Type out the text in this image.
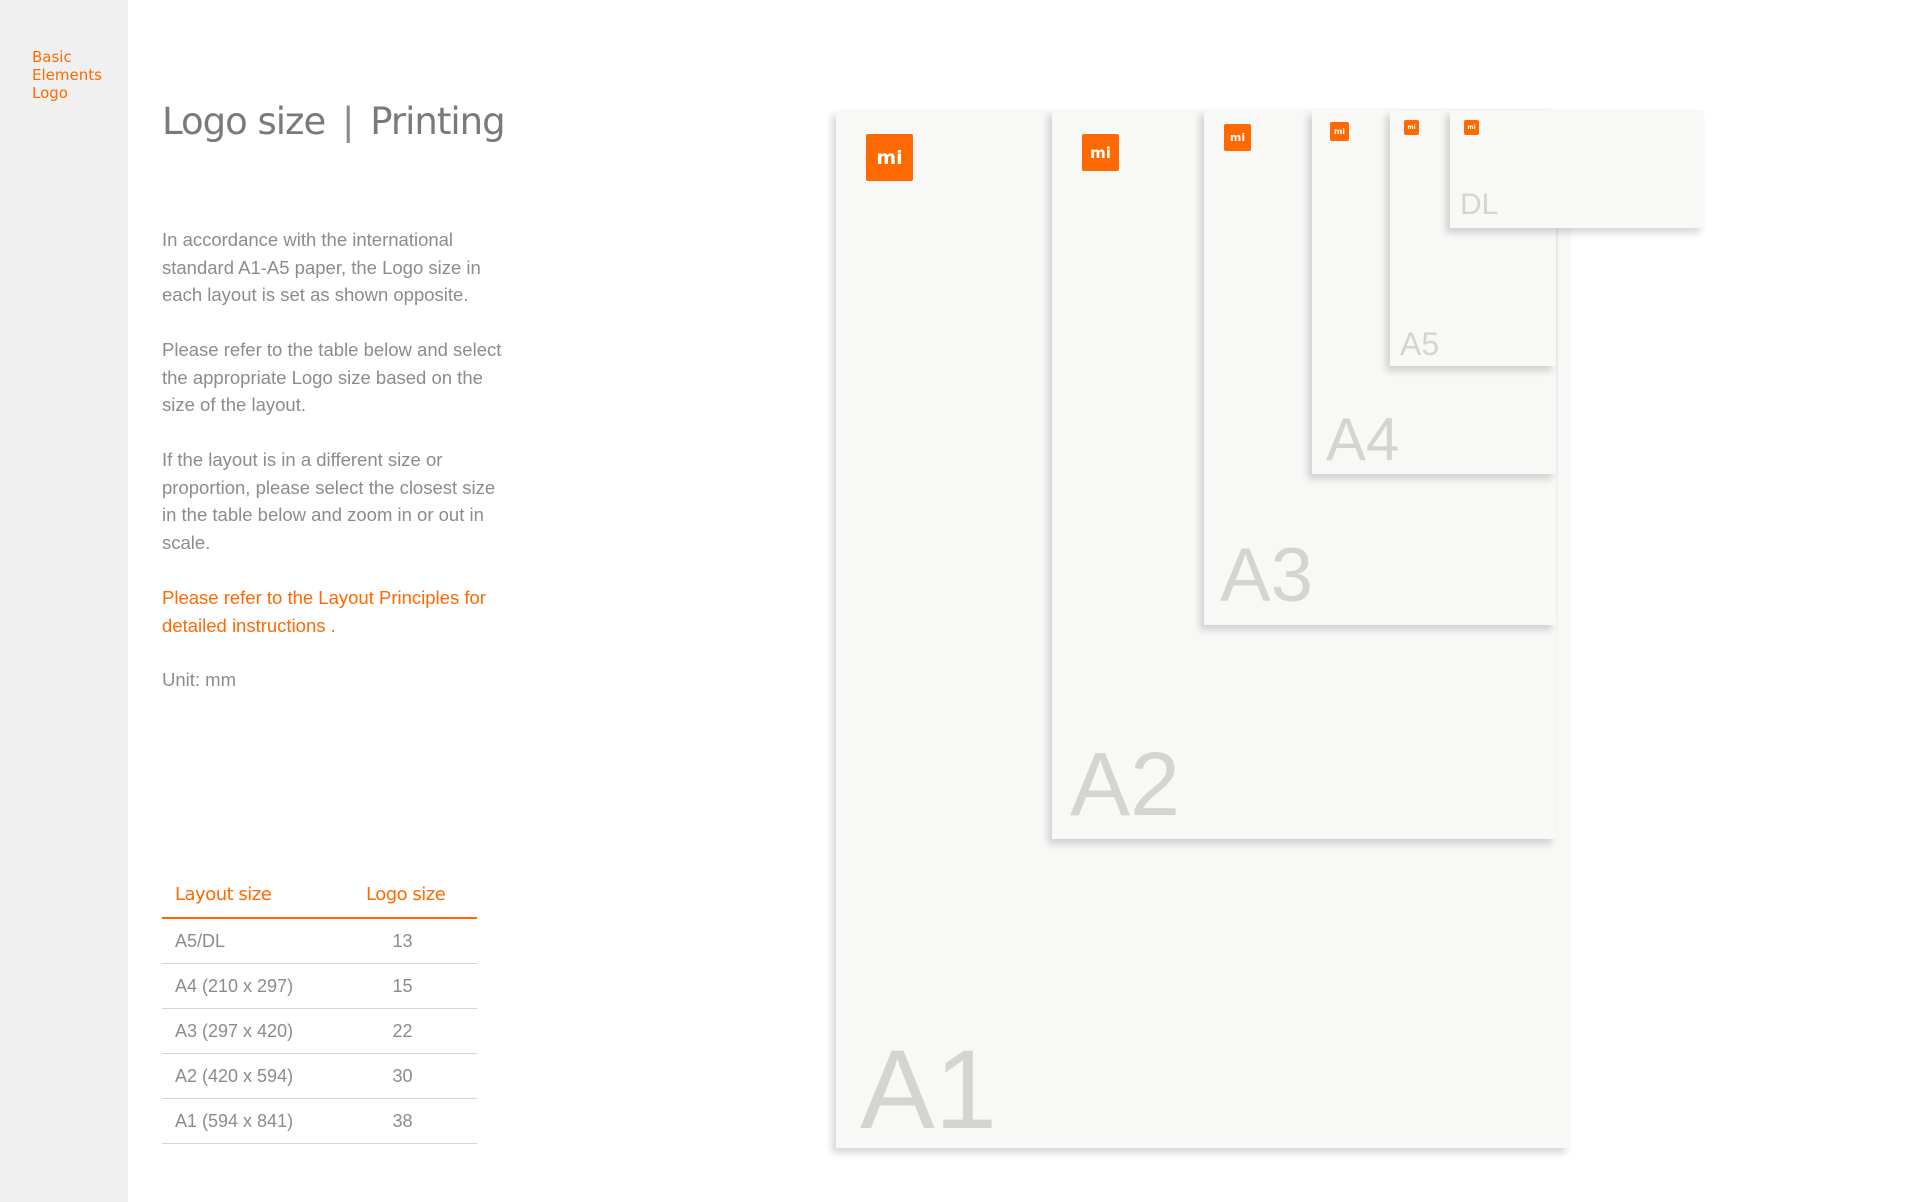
Basic
Elements
Logo
Logo size | Printing

In accordance with the international standard A1-A5 paper, the Logo size in each layout is set as shown opposite.

Please refer to the table below and select the appropriate Logo size based on the size of the layout.

If the layout is in a different size or proportion, please select the closest size in the table below and zoom in or out in scale.

Please refer to the Layout Principles for detailed instructions .

Unit: mm

Layout size	Logo size
A5/DL	13
A4 (210 x 297)	15
A3 (297 x 420)	22
A2 (420 x 594)	30
A1 (594 x 841)	38
mi
A1
mi
A2
mi
A3
mi
A4
mi
A5
mi
DL
